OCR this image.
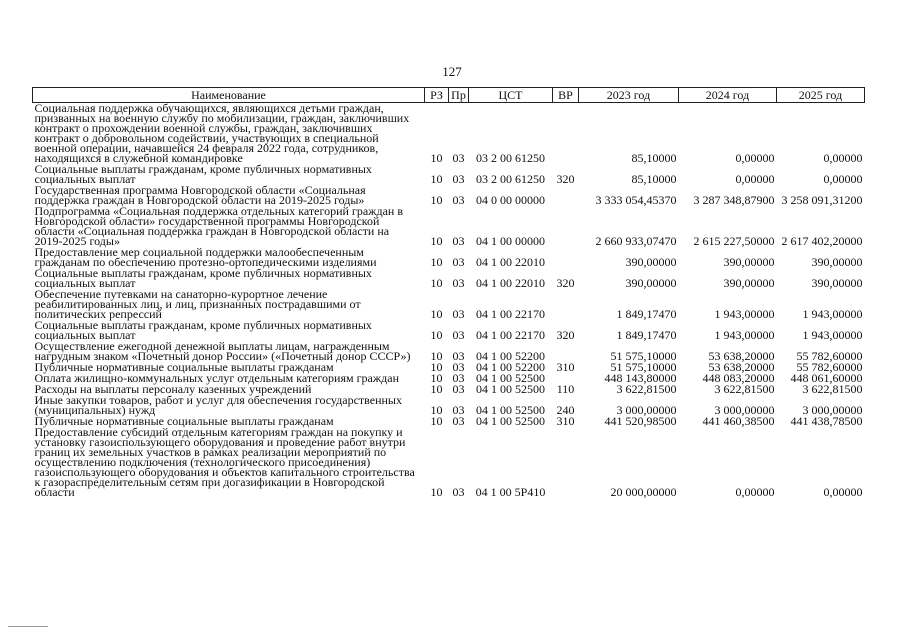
127
Наименование	РЗ	Пр	ЦСТ	ВР	2023 год	2024 год	2025 год
Социальная поддержка обучающихся, являющихся детьми граждан, призванных на военную службу по мобилизации, граждан, заключивших контракт о прохождении военной службы, граждан, заключивших контракт о добровольном содействии, участвующих в специальной военной операции, начавшейся 24 февраля 2022 года, сотрудников, находящихся в служебной командировке	10	03	03 2 00 61250		85,10000	0,00000	0,00000
Социальные выплаты гражданам, кроме публичных нормативных социальных выплат	10	03	03 2 00 61250	320	85,10000	0,00000	0,00000
Государственная программа Новгородской области «Социальная поддержка граждан в Новгородской области на 2019-2025 годы»	10	03	04 0 00 00000		3 333 054,45370	3 287 348,87900	3 258 091,31200
Подпрограмма «Социальная поддержка отдельных категорий граждан в Новгородской области» государственной программы Новгородской области «Социальная поддержка граждан в Новгородской области на 2019-2025 годы»	10	03	04 1 00 00000		2 660 933,07470	2 615 227,50000	2 617 402,20000
Предоставление мер социальной поддержки малообеспеченным гражданам по обеспечению протезно-ортопедическими изделиями	10	03	04 1 00 22010		390,00000	390,00000	390,00000
Социальные выплаты гражданам, кроме публичных нормативных социальных выплат	10	03	04 1 00 22010	320	390,00000	390,00000	390,00000
Обеспечение путевками на санаторно-курортное лечение реабилитированных лиц, и лиц, признанных пострадавшими от политических репрессий	10	03	04 1 00 22170		1 849,17470	1 943,00000	1 943,00000
Социальные выплаты гражданам, кроме публичных нормативных социальных выплат	10	03	04 1 00 22170	320	1 849,17470	1 943,00000	1 943,00000
Осуществление ежегодной денежной выплаты лицам, награжденным нагрудным знаком «Почетный донор России» («Почетный донор СССР»)	10	03	04 1 00 52200		51 575,10000	53 638,20000	55 782,60000
Публичные нормативные социальные выплаты гражданам	10	03	04 1 00 52200	310	51 575,10000	53 638,20000	55 782,60000
Оплата жилищно-коммунальных услуг отдельным категориям граждан	10	03	04 1 00 52500		448 143,80000	448 083,20000	448 061,60000
Расходы на выплаты персоналу казенных учреждений	10	03	04 1 00 52500	110	3 622,81500	3 622,81500	3 622,81500
Иные закупки товаров, работ и услуг для обеспечения государственных (муниципальных) нужд	10	03	04 1 00 52500	240	3 000,00000	3 000,00000	3 000,00000
Публичные нормативные социальные выплаты гражданам	10	03	04 1 00 52500	310	441 520,98500	441 460,38500	441 438,78500
Предоставление субсидий отдельным категориям граждан на покупку и установку газоиспользующего оборудования и проведение работ внутри границ их земельных участков в рамках реализации мероприятий по осуществлению подключения (технологического присоединения) газоиспользующего оборудования и объектов капитального строительства к газораспределительным сетям при догазификации в Новгородской области	10	03	04 1 00 5Р410		20 000,00000	0,00000	0,00000
